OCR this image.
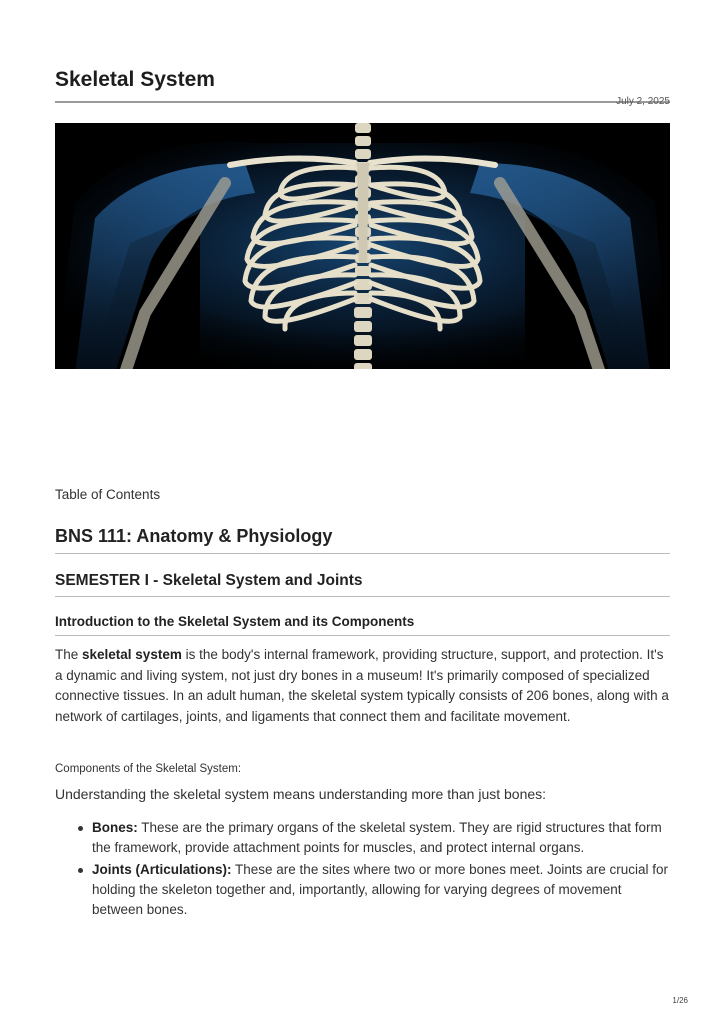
Skeletal System
July 2, 2025
Table of Contents
BNS 111: Anatomy & Physiology
SEMESTER I - Skeletal System and Joints
Introduction to the Skeletal System and its Components

The skeletal system is the body's internal framework, providing structure, support, and protection. It's a dynamic and living system, not just dry bones in a museum! It's primarily composed of specialized connective tissues. In an adult human, the skeletal system typically consists of 206 bones, along with a network of cartilages, joints, and ligaments that connect them and facilitate movement.

Components of the Skeletal System:
Understanding the skeletal system means understanding more than just bones:
Bones: These are the primary organs of the skeletal system. They are rigid structures that form the framework, provide attachment points for muscles, and protect internal organs.
Joints (Articulations): These are the sites where two or more bones meet. Joints are crucial for holding the skeleton together and, importantly, allowing for varying degrees of movement between bones.
1/26
